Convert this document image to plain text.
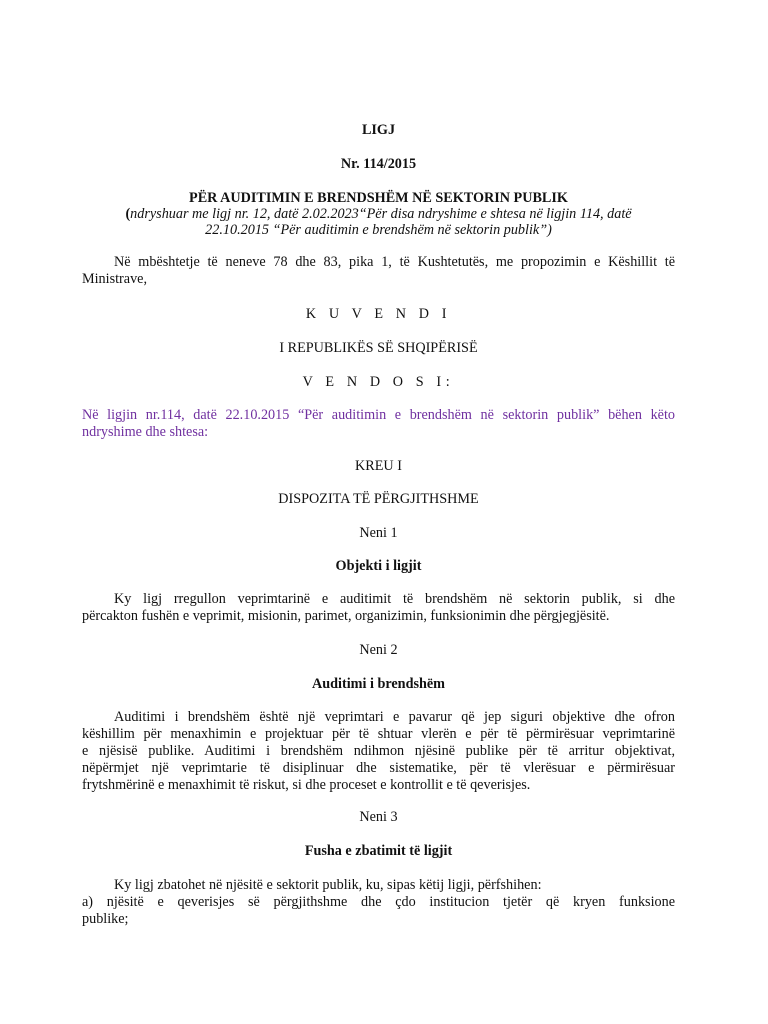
LIGJ
Nr. 114/2015
PËR AUDITIMIN E BRENDSHËM NË SEKTORIN PUBLIK
(ndryshuar me ligj nr. 12, datë 2.02.2023“Për disa ndryshime e shtesa në ligjin 114, datë
22.10.2015 “Për auditimin e brendshëm në sektorin publik”)
Në mbështetje të neneve 78 dhe 83, pika 1, të Kushtetutës, me propozimin e Këshillit të
Ministrave,
K U V E N D I
I REPUBLIKËS SË SHQIPËRISË
V E N D O S I:
Në ligjin nr.114, datë 22.10.2015 “Për auditimin e brendshëm në sektorin publik” bëhen këto
ndryshime dhe shtesa:
KREU I
DISPOZITA TË PËRGJITHSHME
Neni 1
Objekti i ligjit
Ky ligj rregullon veprimtarinë e auditimit të brendshëm në sektorin publik, si dhe
përcakton fushën e veprimit, misionin, parimet, organizimin, funksionimin dhe përgjegjësitë.
Neni 2
Auditimi i brendshëm
Auditimi i brendshëm është një veprimtari e pavarur që jep siguri objektive dhe ofron
këshillim për menaxhimin e projektuar për të shtuar vlerën e për të përmirësuar veprimtarinë
e njësisë publike. Auditimi i brendshëm ndihmon njësinë publike për të arritur objektivat,
nëpërmjet një veprimtarie të disiplinuar dhe sistematike, për të vlerësuar e përmirësuar
frytshmërinë e menaxhimit të riskut, si dhe proceset e kontrollit e të qeverisjes.
Neni 3
Fusha e zbatimit të ligjit
Ky ligj zbatohet në njësitë e sektorit publik, ku, sipas këtij ligji, përfshihen:
a) njësitë e qeverisjes së përgjithshme dhe çdo institucion tjetër që kryen funksione
publike;
